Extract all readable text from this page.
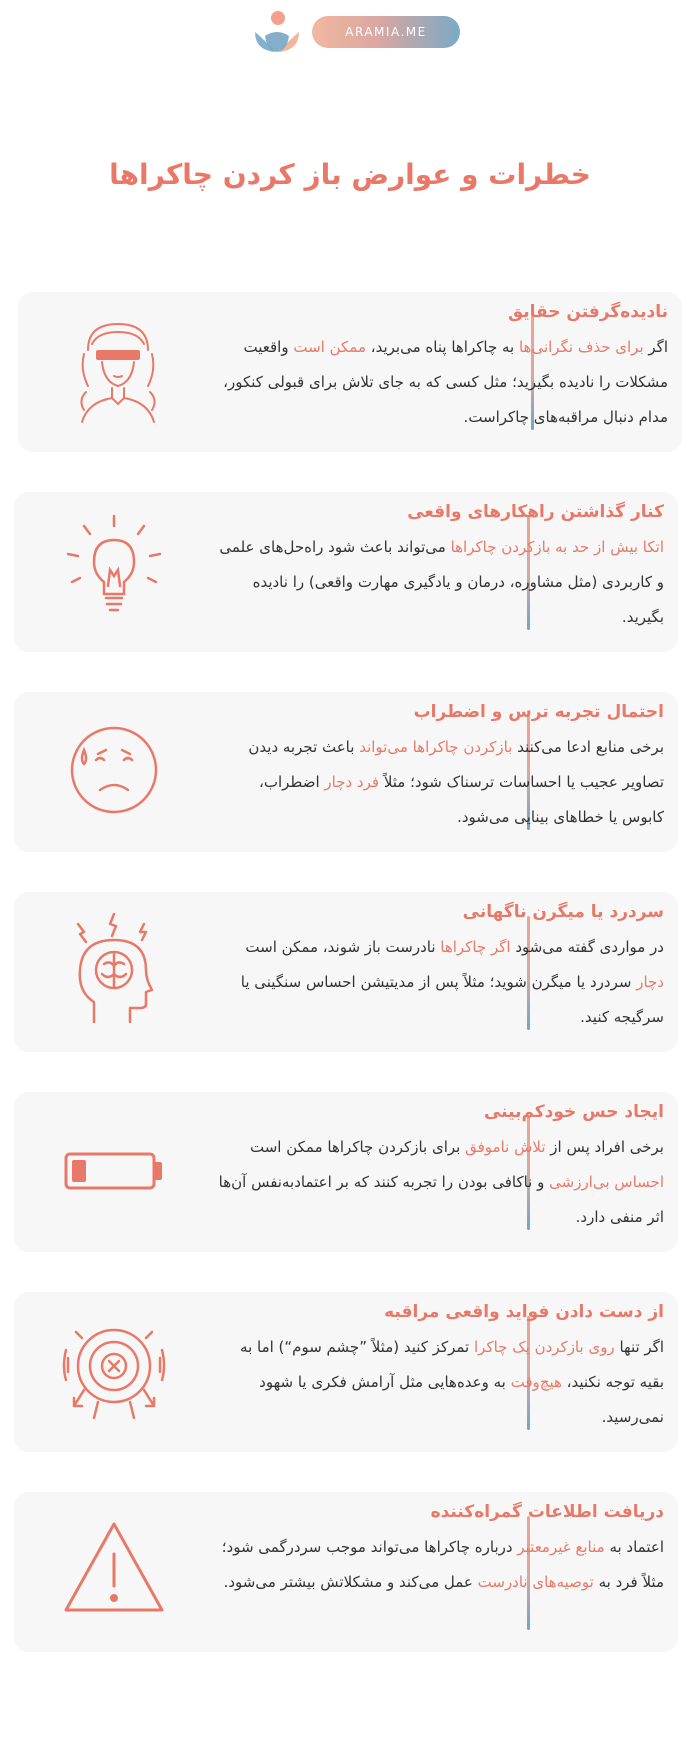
ARAMIA.ME
خطرات و عوارض باز کردن چاکراها
نادیده‌گرفتن حقایق
اگر برای حذف نگرانی‌ها به چاکراها پناه می‌برید، ممکن است واقعیت مشکلات را نادیده بگیرید؛ مثل کسی که به جای تلاش برای قبولی کنکور، مدام دنبال مراقبه‌های چاکراست.
کنار گذاشتن راهکارهای واقعی
اتکا بیش از حد به بازکردن چاکراها می‌تواند باعث شود راه‌حل‌های علمی و کاربردی (مثل مشاوره، درمان و یادگیری مهارت واقعی) را نادیده بگیرید.
احتمال تجربه ترس و اضطراب
برخی منابع ادعا می‌کنند بازکردن چاکراها می‌تواند باعث تجربه دیدن تصاویر عجیب یا احساسات ترسناک شود؛ مثلاً فرد دچار اضطراب، کابوس یا خطاهای بینایی می‌شود.
سردرد یا میگرن ناگهانی
در مواردی گفته می‌شود اگر چاکراها نادرست باز شوند، ممکن است دچار سردرد یا میگرن شوید؛ مثلاً پس از مدیتیشن احساس سنگینی یا سرگیجه کنید.
ایجاد حس خودکم‌بینی
برخی افراد پس از تلاش ناموفق برای بازکردن چاکراها ممکن است احساس بی‌ارزشی و ناکافی بودن را تجربه کنند که بر اعتمادبه‌نفس آن‌ها اثر منفی دارد.
از دست دادن فواید واقعی مراقبه
اگر تنها روی بازکردن یک چاکرا تمرکز کنید (مثلاً ”چشم سوم“) اما به بقیه توجه نکنید، هیچ‌وقت به وعده‌هایی مثل آرامش فکری یا شهود نمی‌رسید.
دریافت اطلاعات گمراه‌کننده
اعتماد به منابع غیرمعتبر درباره چاکراها می‌تواند موجب سردرگمی شود؛ مثلاً فرد به توصیه‌های نادرست عمل می‌کند و مشکلاتش بیشتر می‌شود.
